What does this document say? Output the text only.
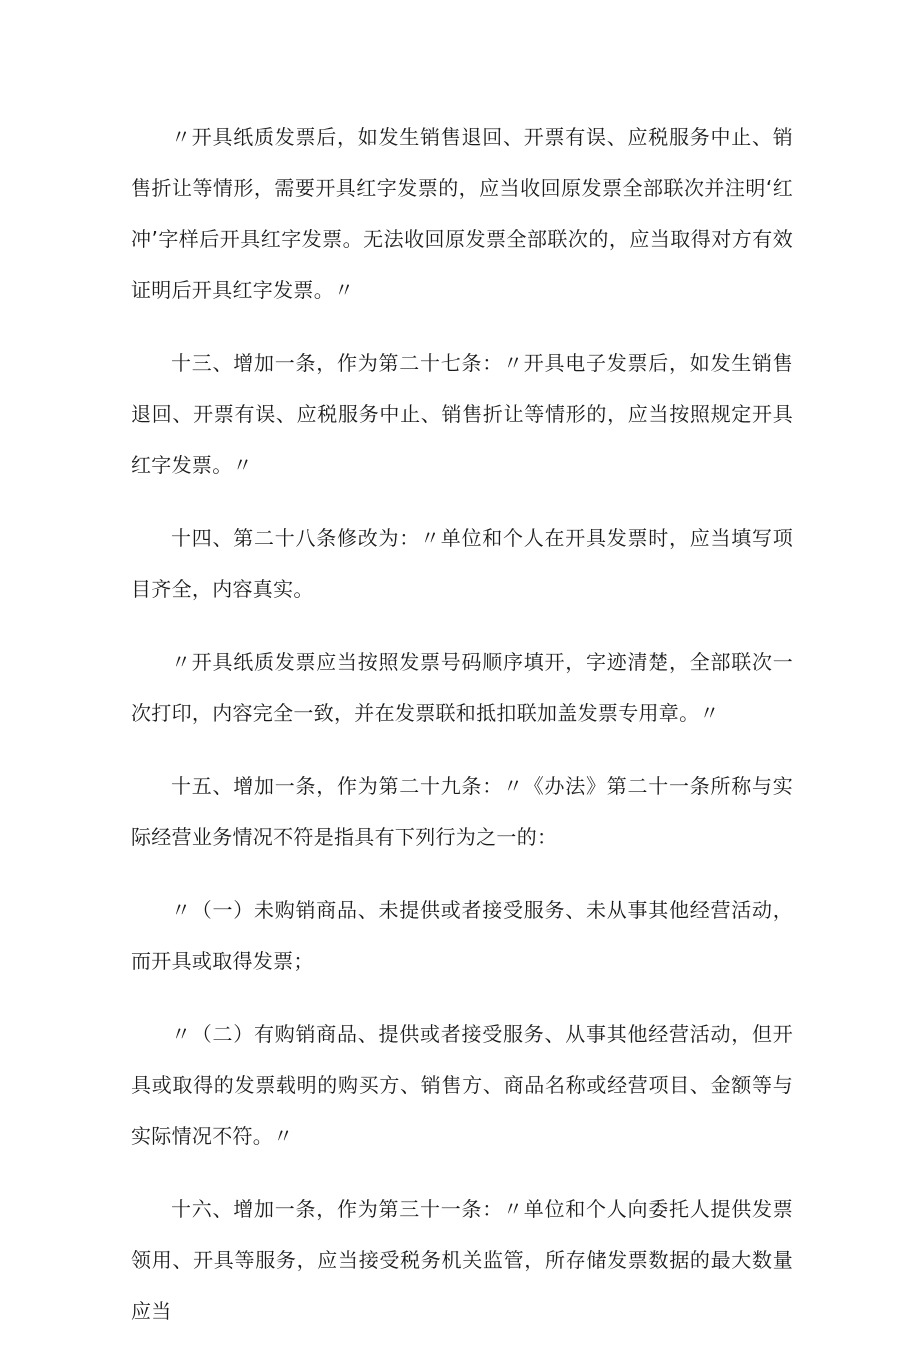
〃开具纸质发票后，如发生销售退回、开票有误、应税服务中止、销售折让等情形，需要开具红字发票的，应当收回原发票全部联次并注明‘红冲’字样后开具红字发票。无法收回原发票全部联次的，应当取得对方有效证明后开具红字发票。〃

十三、增加一条，作为第二十七条：〃开具电子发票后，如发生销售退回、开票有误、应税服务中止、销售折让等情形的，应当按照规定开具红字发票。〃

十四、第二十八条修改为：〃单位和个人在开具发票时，应当填写项目齐全，内容真实。

〃开具纸质发票应当按照发票号码顺序填开，字迹清楚，全部联次一次打印，内容完全一致，并在发票联和抵扣联加盖发票专用章。〃

十五、增加一条，作为第二十九条：〃《办法》第二十一条所称与实际经营业务情况不符是指具有下列行为之一的：

〃（一）未购销商品、未提供或者接受服务、未从事其他经营活动，而开具或取得发票；

〃（二）有购销商品、提供或者接受服务、从事其他经营活动，但开具或取得的发票载明的购买方、销售方、商品名称或经营项目、金额等与实际情况不符。〃

十六、增加一条，作为第三十一条：〃单位和个人向委托人提供发票领用、开具等服务，应当接受税务机关监管，所存储发票数据的最大数量应当
